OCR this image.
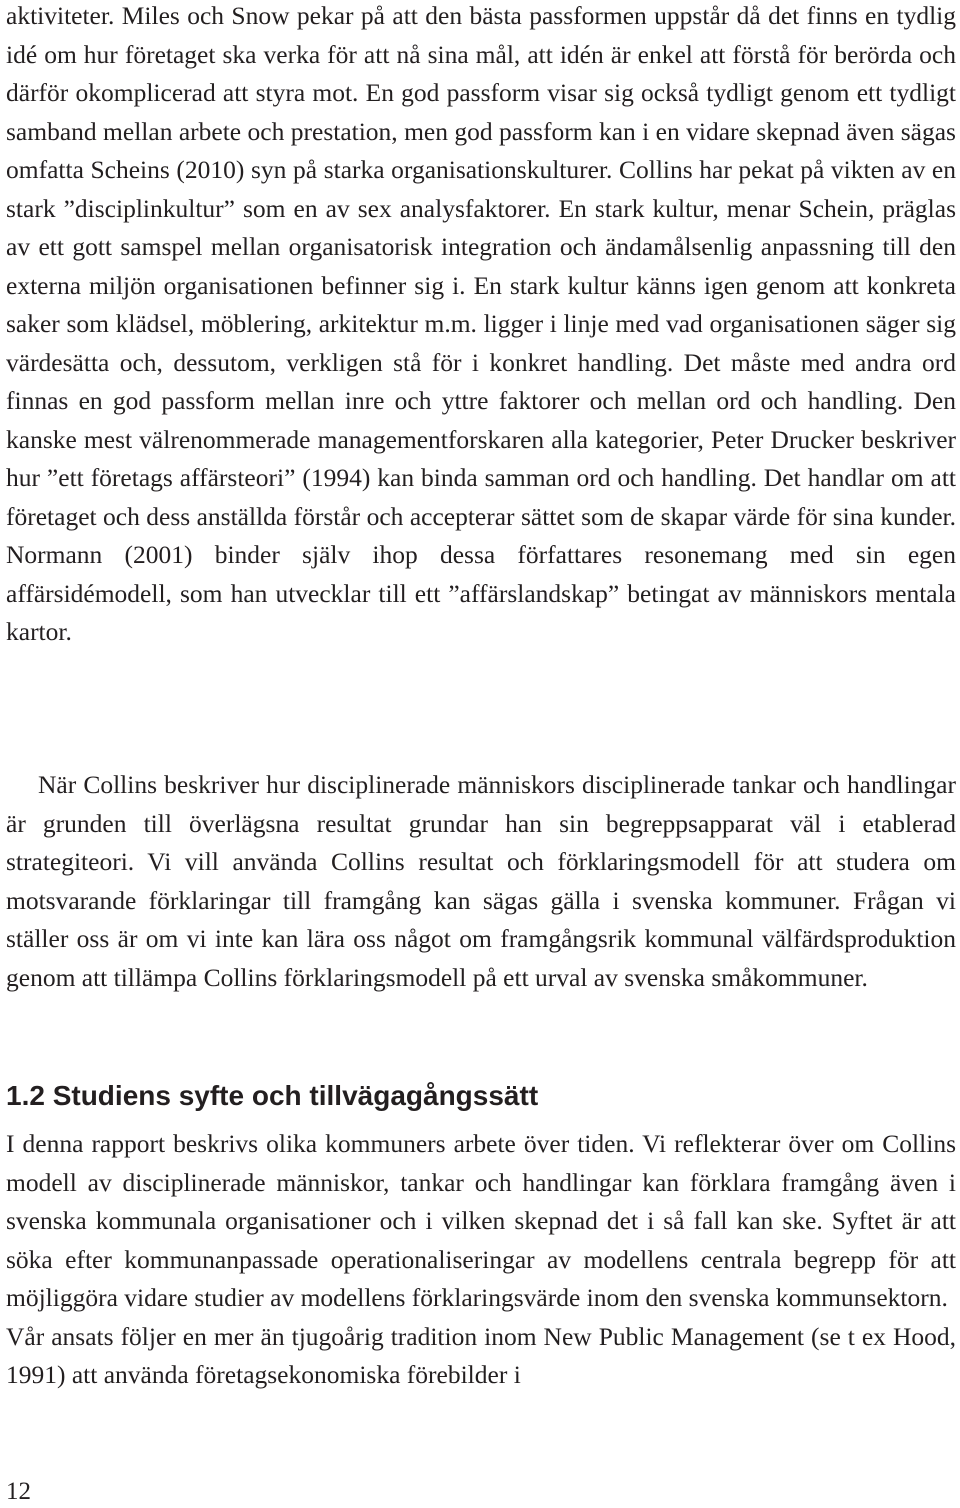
aktiviteter. Miles och Snow pekar på att den bästa passformen uppstår då det finns en tydlig idé om hur företaget ska verka för att nå sina mål, att idén är enkel att förstå för berörda och därför okomplicerad att styra mot. En god passform visar sig också tydligt genom ett tydligt samband mellan arbete och prestation, men god passform kan i en vidare skepnad även sägas omfatta Scheins (2010) syn på starka organisationskulturer. Collins har pekat på vikten av en stark ”disciplinkultur” som en av sex analysfaktorer. En stark kultur, menar Schein, präglas av ett gott samspel mellan organisatorisk integration och ändamålsenlig anpassning till den externa miljön organisationen befinner sig i. En stark kultur känns igen genom att konkreta saker som klädsel, möblering, arkitektur m.m. ligger i linje med vad organisationen säger sig värdesätta och, dessutom, verkligen stå för i konkret handling. Det måste med andra ord finnas en god passform mellan inre och yttre faktorer och mellan ord och handling. Den kanske mest välrenommerade managementforskaren alla kategorier, Peter Drucker beskriver hur ”ett företags affärsteori” (1994) kan binda samman ord och handling. Det handlar om att företaget och dess anställda förstår och accepterar sättet som de skapar värde för sina kunder. Normann (2001) binder själv ihop dessa författares resonemang med sin egen affärsidémodell, som han utvecklar till ett ”affärslandskap” betingat av människors mentala kartor.

När Collins beskriver hur disciplinerade människors disciplinerade tankar och handlingar är grunden till överlägsna resultat grundar han sin begreppsapparat väl i etablerad strategiteori. Vi vill använda Collins resultat och förklaringsmodell för att studera om motsvarande förklaringar till framgång kan sägas gälla i svenska kommuner. Frågan vi ställer oss är om vi inte kan lära oss något om framgångsrik kommunal välfärdsproduktion genom att tillämpa Collins förklaringsmodell på ett urval av svenska småkommuner.

1.2 Studiens syfte och tillvägagångssätt

I denna rapport beskrivs olika kommuners arbete över tiden. Vi reflekterar över om Collins modell av disciplinerade människor, tankar och handlingar kan förklara framgång även i svenska kommunala organisationer och i vilken skepnad det i så fall kan ske. Syftet är att söka efter kommunanpassade operationaliseringar av modellens centrala begrepp för att möjliggöra vidare studier av modellens förklaringsvärde inom den svenska kommunsektorn.

Vår ansats följer en mer än tjugoårig tradition inom New Public Management (se t ex Hood, 1991) att använda företagsekonomiska förebilder i

12
